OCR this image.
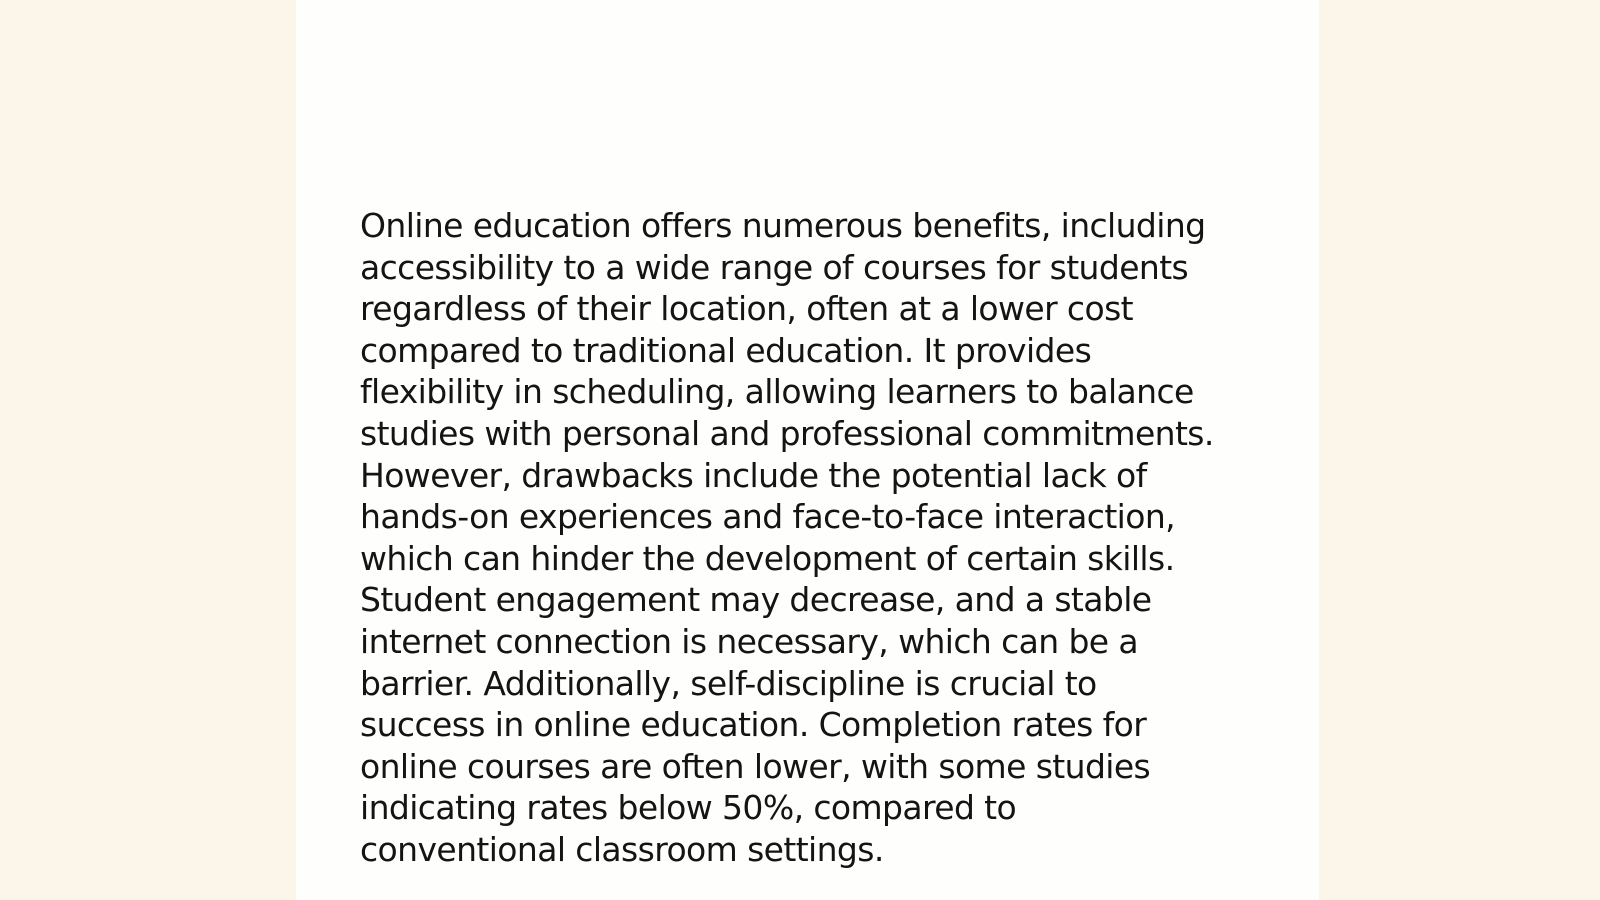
Online education offers numerous benefits, including
accessibility to a wide range of courses for students
regardless of their location, often at a lower cost
compared to traditional education. It provides
flexibility in scheduling, allowing learners to balance
studies with personal and professional commitments.
However, drawbacks include the potential lack of
hands-on experiences and face-to-face interaction,
which can hinder the development of certain skills.
Student engagement may decrease, and a stable
internet connection is necessary, which can be a
barrier. Additionally, self-discipline is crucial to
success in online education. Completion rates for
online courses are often lower, with some studies
indicating rates below 50%, compared to
conventional classroom settings.
